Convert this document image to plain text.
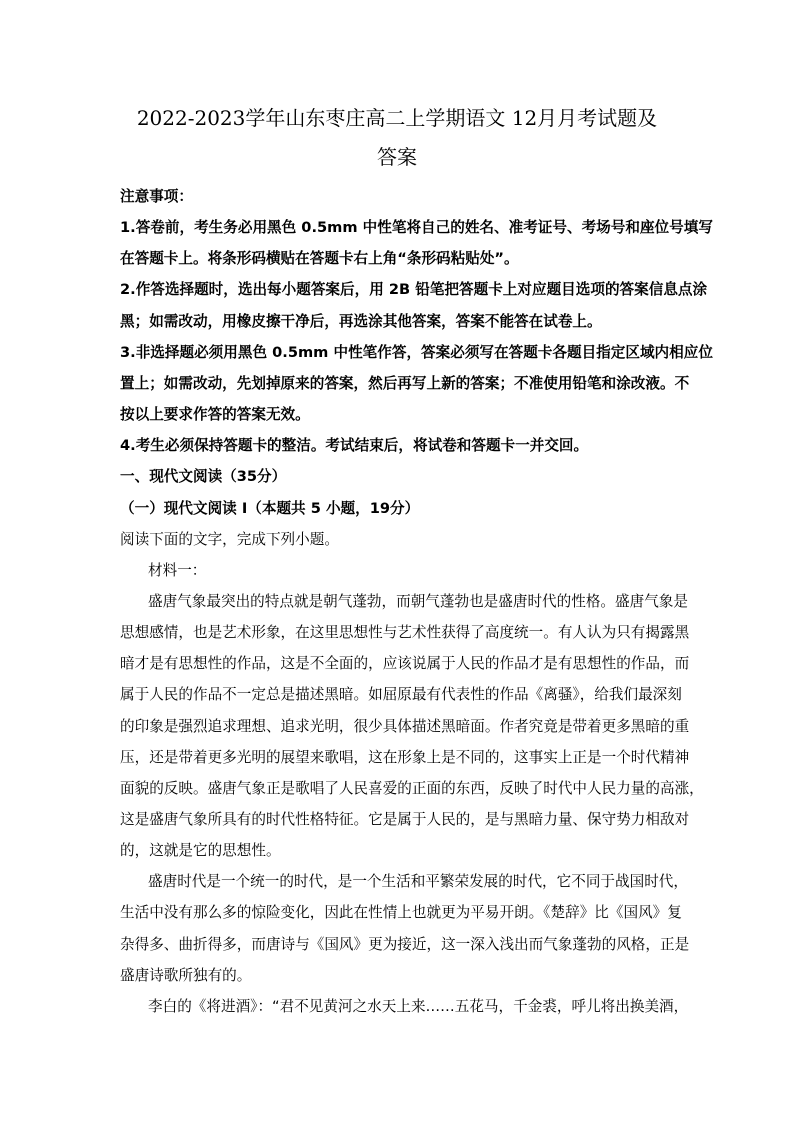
2022-2023学年山东枣庄高二上学期语文 12月月考试题及
答案
注意事项：
1.答卷前，考生务必用黑色 0.5mm 中性笔将自己的姓名、准考证号、考场号和座位号填写
在答题卡上。将条形码横贴在答题卡右上角“条形码粘贴处”。
2.作答选择题时，选出每小题答案后，用 2B 铅笔把答题卡上对应题目选项的答案信息点涂
黑；如需改动，用橡皮擦干净后，再选涂其他答案，答案不能答在试卷上。
3.非选择题必须用黑色 0.5mm 中性笔作答，答案必须写在答题卡各题目指定区域内相应位
置上；如需改动，先划掉原来的答案，然后再写上新的答案；不准使用铅笔和涂改液。不
按以上要求作答的答案无效。
4.考生必须保持答题卡的整洁。考试结束后，将试卷和答题卡一并交回。
一、现代文阅读（35分）
（一）现代文阅读 I（本题共 5 小题，19分）
阅读下面的文字，完成下列小题。
材料一：
盛唐气象最突出的特点就是朝气蓬勃，而朝气蓬勃也是盛唐时代的性格。盛唐气象是
思想感情，也是艺术形象，在这里思想性与艺术性获得了高度统一。有人认为只有揭露黑
暗才是有思想性的作品，这是不全面的，应该说属于人民的作品才是有思想性的作品，而
属于人民的作品不一定总是描述黑暗。如屈原最有代表性的作品《离骚》，给我们最深刻
的印象是强烈追求理想、追求光明，很少具体描述黑暗面。作者究竟是带着更多黑暗的重
压，还是带着更多光明的展望来歌唱，这在形象上是不同的，这事实上正是一个时代精神
面貌的反映。盛唐气象正是歌唱了人民喜爱的正面的东西，反映了时代中人民力量的高涨，
这是盛唐气象所具有的时代性格特征。它是属于人民的，是与黑暗力量、保守势力相敌对
的，这就是它的思想性。
盛唐时代是一个统一的时代，是一个生活和平繁荣发展的时代，它不同于战国时代，
生活中没有那么多的惊险变化，因此在性情上也就更为平易开朗。《楚辞》比《国风》复
杂得多、曲折得多，而唐诗与《国风》更为接近，这一深入浅出而气象蓬勃的风格，正是
盛唐诗歌所独有的。
李白的《将进酒》：“君不见黄河之水天上来……五花马，千金裘，呼儿将出换美酒，
